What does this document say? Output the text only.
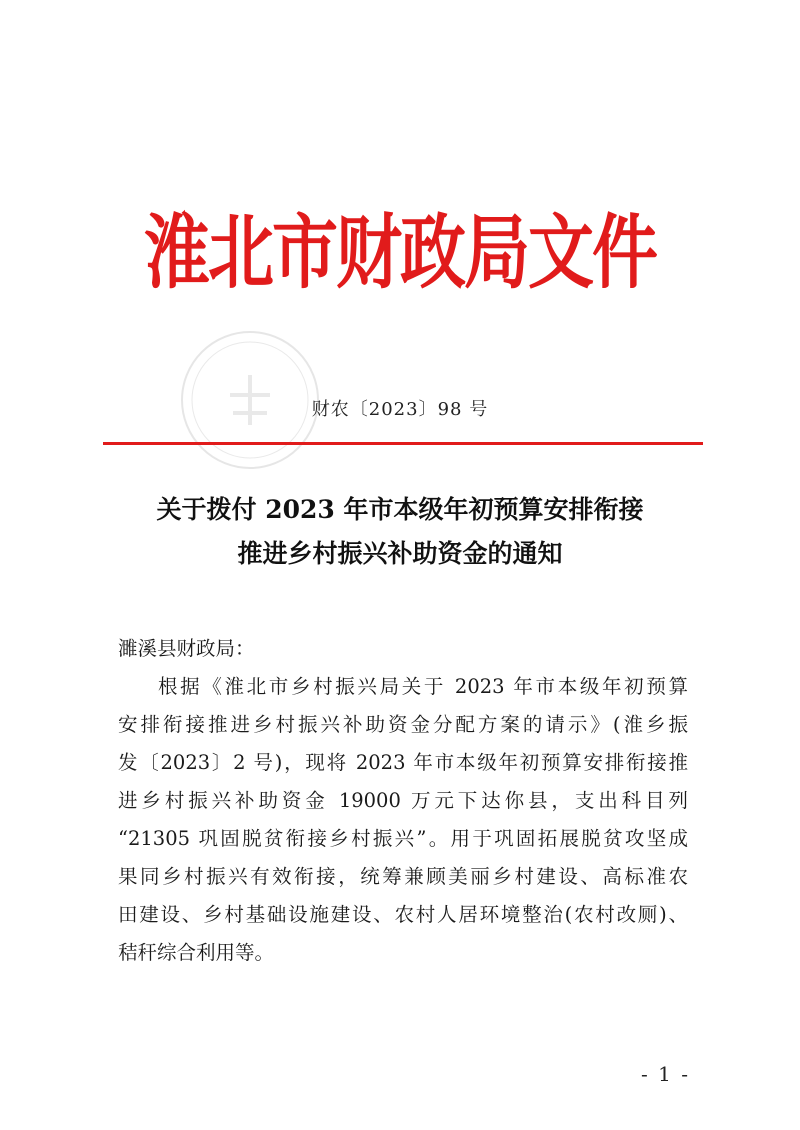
淮北市财政局文件
财农〔2023〕98 号
关于拨付 2023 年市本级年初预算安排衔接
推进乡村振兴补助资金的通知

濉溪县财政局：

根据《淮北市乡村振兴局关于 2023 年市本级年初预算

安排衔接推进乡村振兴补助资金分配方案的请示》(淮乡振

发〔2023〕2 号)，现将 2023 年市本级年初预算安排衔接推

进乡村振兴补助资金 19000 万元下达你县，支出科目列

“21305 巩固脱贫衔接乡村振兴”。用于巩固拓展脱贫攻坚成

果同乡村振兴有效衔接，统筹兼顾美丽乡村建设、高标准农

田建设、乡村基础设施建设、农村人居环境整治(农村改厕)、

秸秆综合利用等。

- 1 -
